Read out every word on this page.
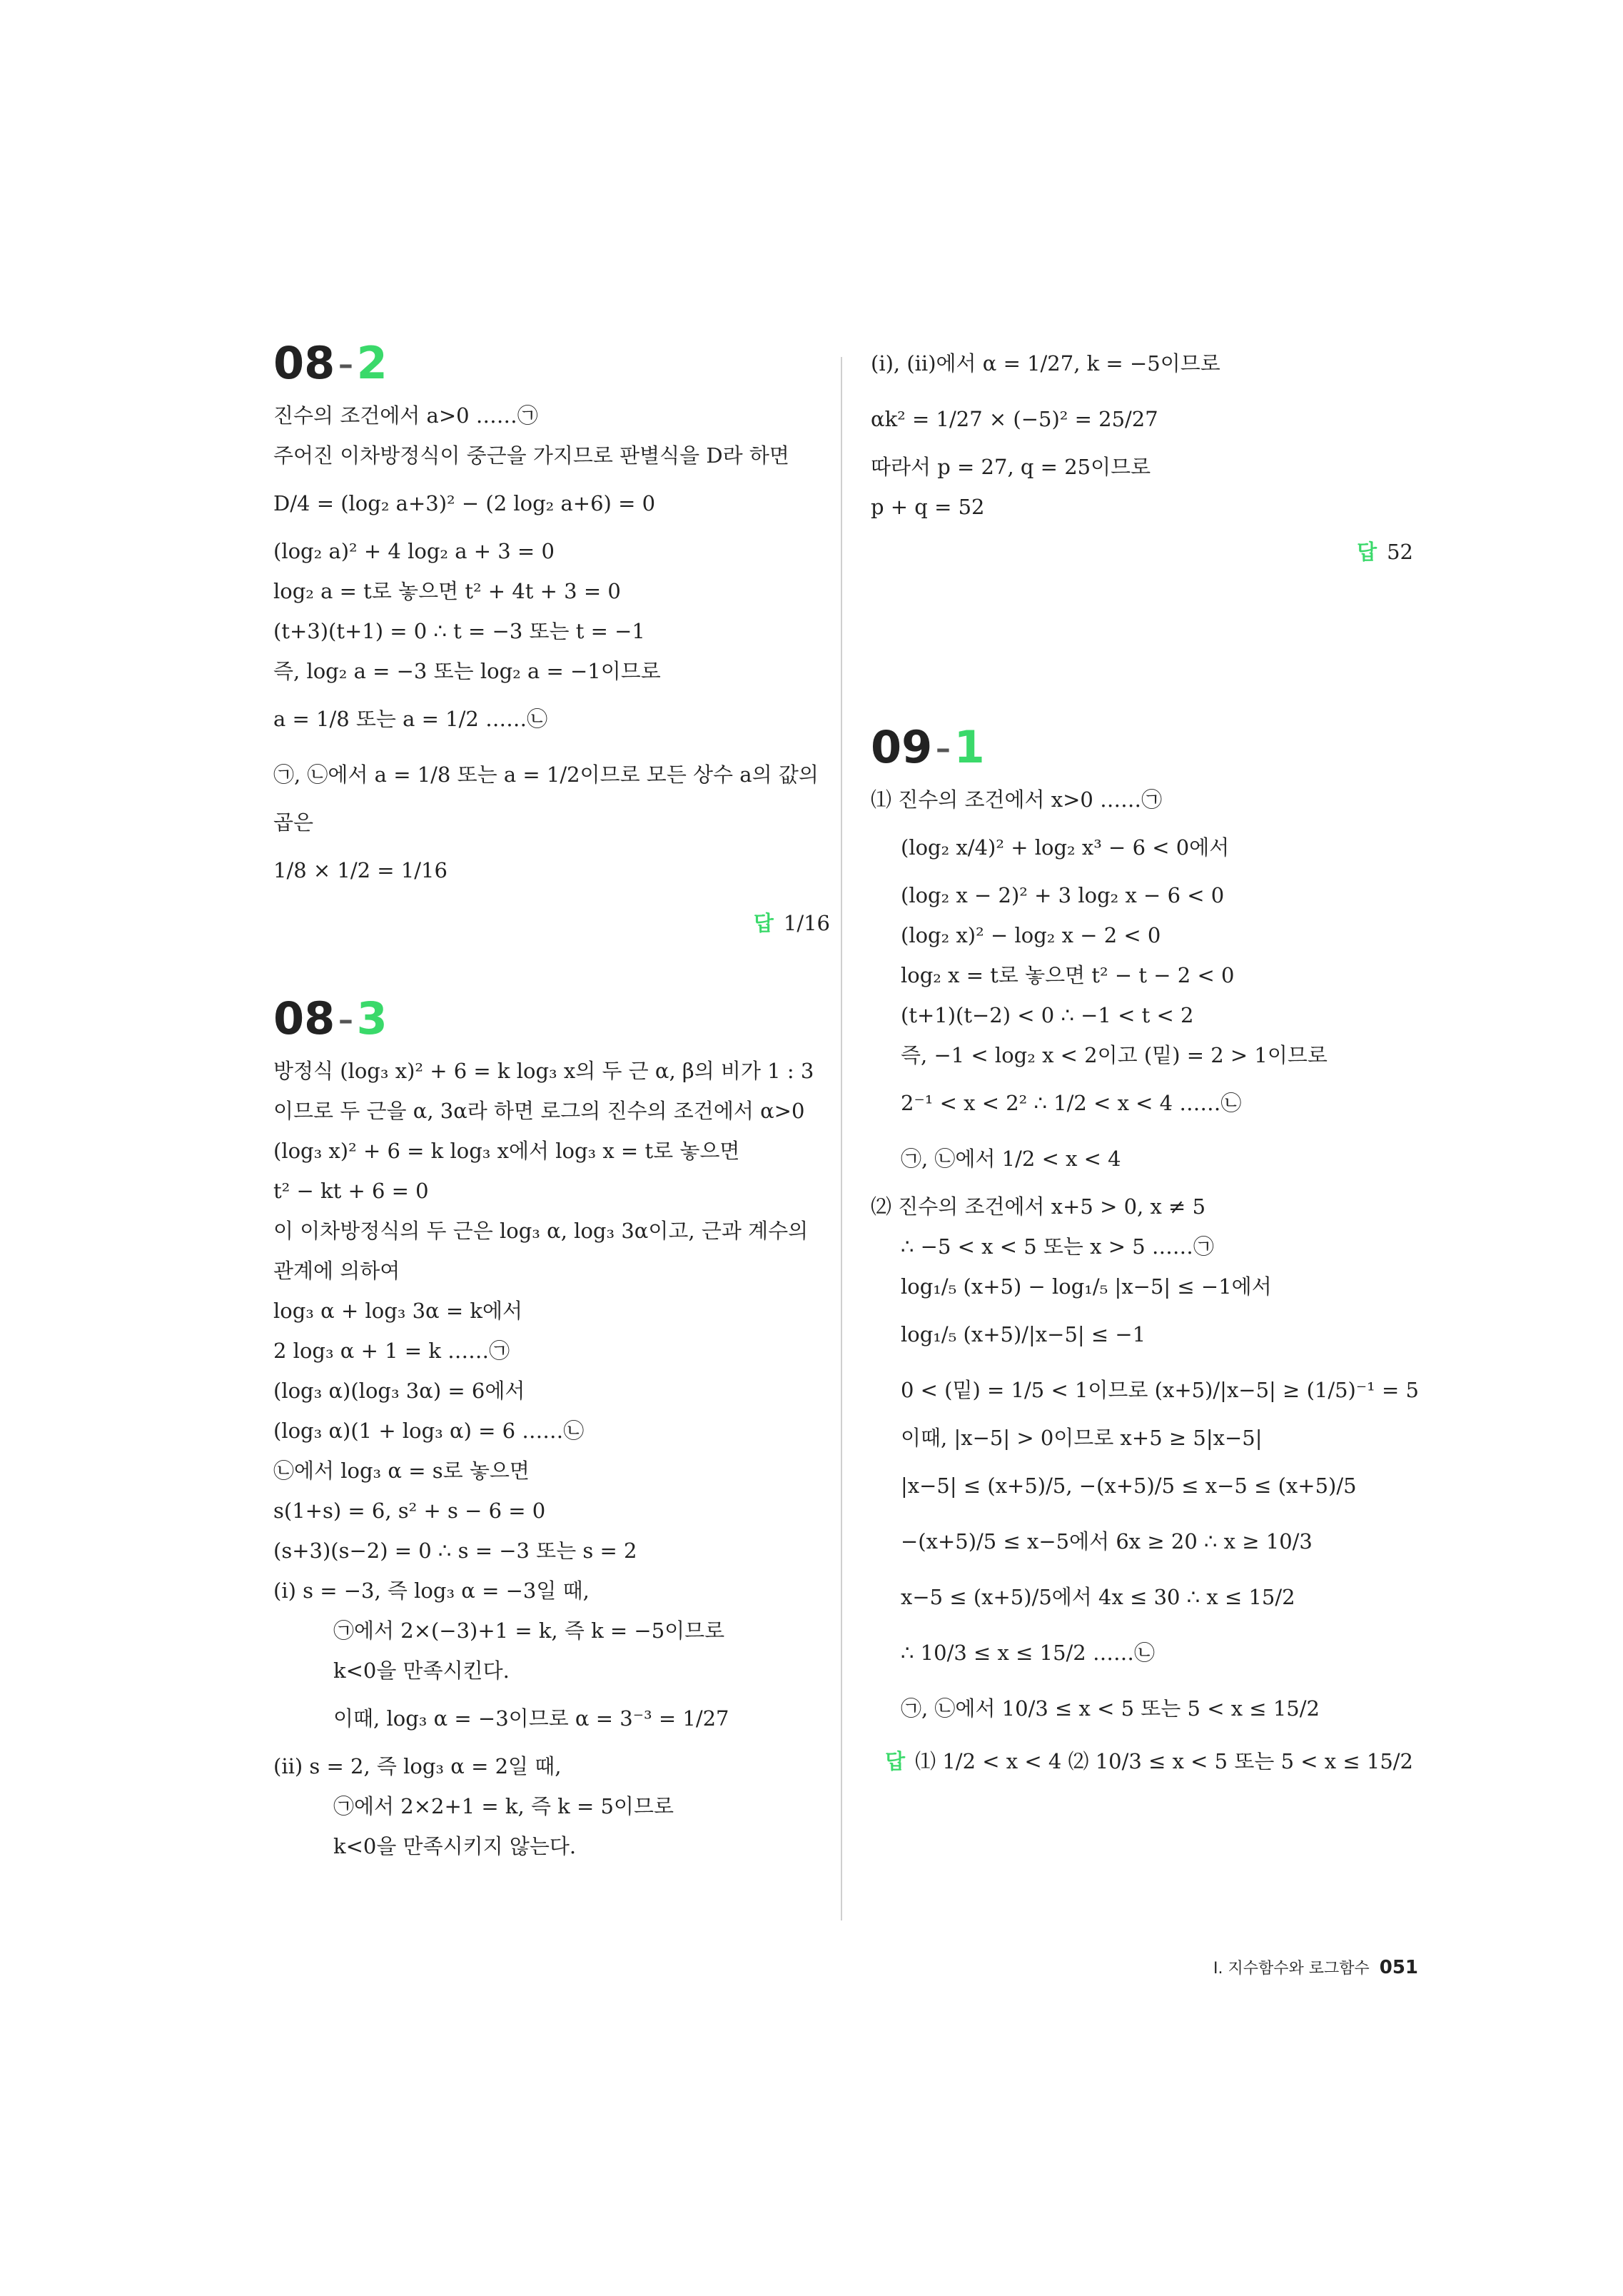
08-2
진수의 조건에서 a>0 ……㉠
주어진 이차방정식이 중근을 가지므로 판별식을 D라 하면
D/4 = (log₂ a+3)² − (2 log₂ a+6) = 0
(log₂ a)² + 4 log₂ a + 3 = 0
log₂ a = t로 놓으면 t² + 4t + 3 = 0
(t+3)(t+1) = 0 ∴ t = −3 또는 t = −1
즉, log₂ a = −3 또는 log₂ a = −1이므로
a = 1/8 또는 a = 1/2 ……㉡
㉠, ㉡에서 a = 1/8 또는 a = 1/2이므로 모든 상수 a의 값의
곱은
1/8 × 1/2 = 1/16
답 1/16
08-3
방정식 (log₃ x)² + 6 = k log₃ x의 두 근 α, β의 비가 1 : 3
이므로 두 근을 α, 3α라 하면 로그의 진수의 조건에서 α>0
(log₃ x)² + 6 = k log₃ x에서 log₃ x = t로 놓으면
t² − kt + 6 = 0
이 이차방정식의 두 근은 log₃ α, log₃ 3α이고, 근과 계수의
관계에 의하여
log₃ α + log₃ 3α = k에서
2 log₃ α + 1 = k ……㉠
(log₃ α)(log₃ 3α) = 6에서
(log₃ α)(1 + log₃ α) = 6 ……㉡
㉡에서 log₃ α = s로 놓으면
s(1+s) = 6, s² + s − 6 = 0
(s+3)(s−2) = 0 ∴ s = −3 또는 s = 2
(ⅰ) s = −3, 즉 log₃ α = −3일 때,
㉠에서 2×(−3)+1 = k, 즉 k = −5이므로
k<0을 만족시킨다.
이때, log₃ α = −3이므로 α = 3⁻³ = 1/27
(ⅱ) s = 2, 즉 log₃ α = 2일 때,
㉠에서 2×2+1 = k, 즉 k = 5이므로
k<0을 만족시키지 않는다.
(ⅰ), (ⅱ)에서 α = 1/27, k = −5이므로
αk² = 1/27 × (−5)² = 25/27
따라서 p = 27, q = 25이므로
p + q = 52
답 52
09-1
⑴ 진수의 조건에서 x>0 ……㉠
(log₂ x/4)² + log₂ x³ − 6 < 0에서
(log₂ x − 2)² + 3 log₂ x − 6 < 0
(log₂ x)² − log₂ x − 2 < 0
log₂ x = t로 놓으면 t² − t − 2 < 0
(t+1)(t−2) < 0 ∴ −1 < t < 2
즉, −1 < log₂ x < 2이고 (밑) = 2 > 1이므로
2⁻¹ < x < 2² ∴ 1/2 < x < 4 ……㉡
㉠, ㉡에서 1/2 < x < 4
⑵ 진수의 조건에서 x+5 > 0, x ≠ 5
∴ −5 < x < 5 또는 x > 5 ……㉠
log₁/₅ (x+5) − log₁/₅ |x−5| ≤ −1에서
log₁/₅ (x+5)/|x−5| ≤ −1
0 < (밑) = 1/5 < 1이므로 (x+5)/|x−5| ≥ (1/5)⁻¹ = 5
이때, |x−5| > 0이므로 x+5 ≥ 5|x−5|
|x−5| ≤ (x+5)/5, −(x+5)/5 ≤ x−5 ≤ (x+5)/5
−(x+5)/5 ≤ x−5에서 6x ≥ 20 ∴ x ≥ 10/3
x−5 ≤ (x+5)/5에서 4x ≤ 30 ∴ x ≤ 15/2
∴ 10/3 ≤ x ≤ 15/2 ……㉡
㉠, ㉡에서 10/3 ≤ x < 5 또는 5 < x ≤ 15/2
답 ⑴ 1/2 < x < 4 ⑵ 10/3 ≤ x < 5 또는 5 < x ≤ 15/2
Ⅰ. 지수함수와 로그함수 051
